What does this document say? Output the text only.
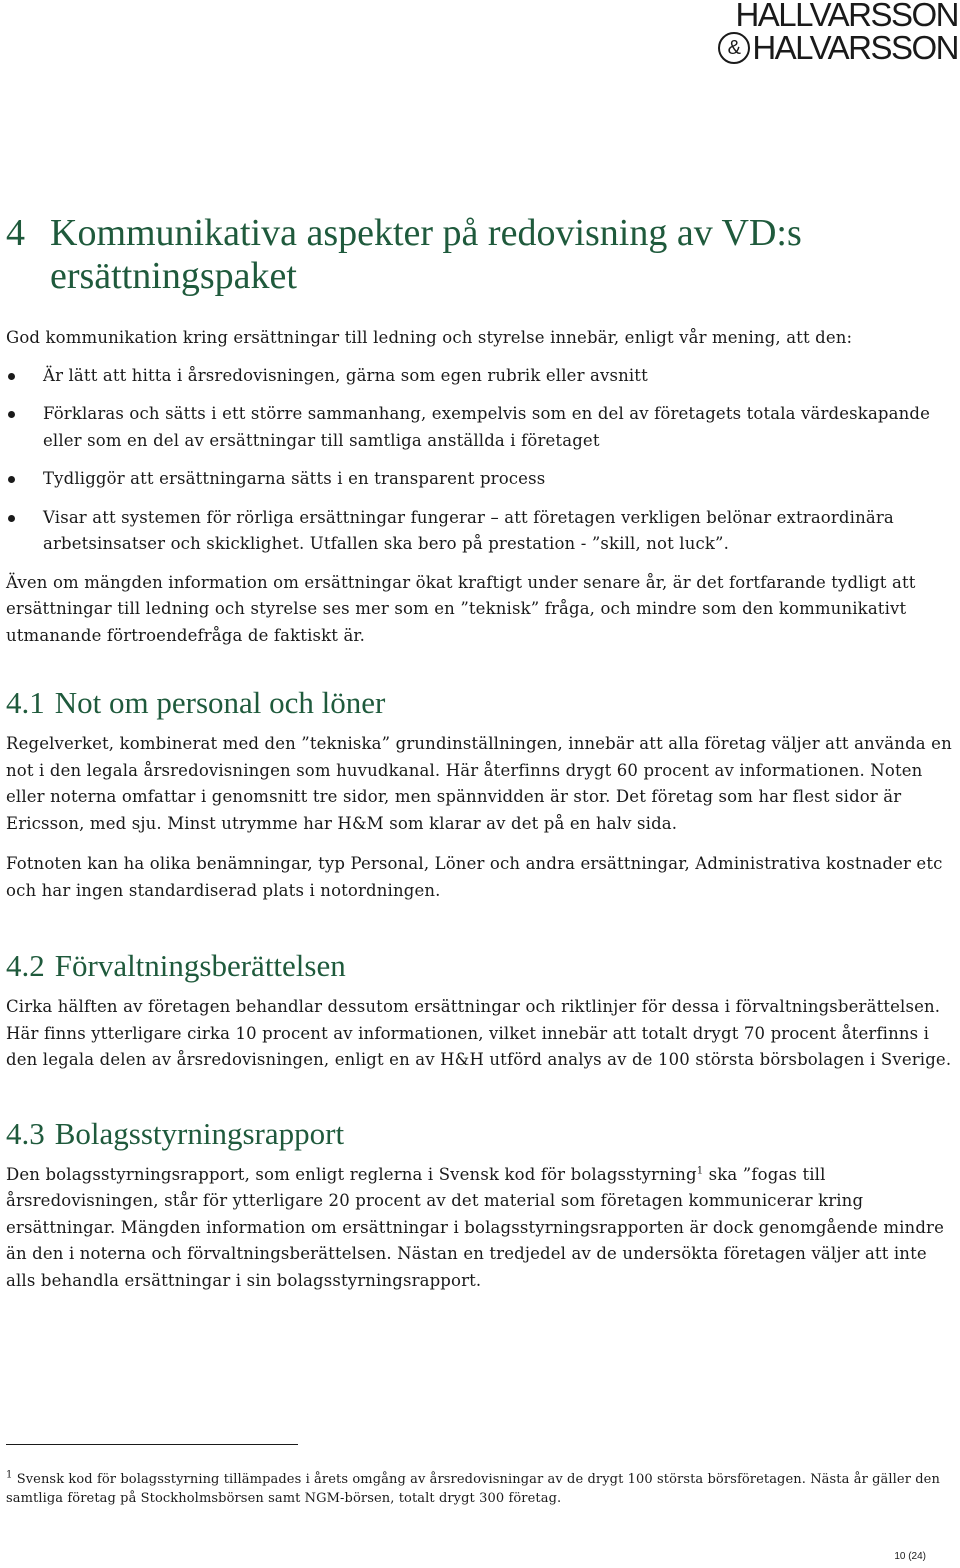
HALLVARSSON
& HALVARSSON
4 Kommunikativa aspekter på redovisning av VD:s ersättningspaket

God kommunikation kring ersättningar till ledning och styrelse innebär, enligt vår mening, att den:

Är lätt att hitta i årsredovisningen, gärna som egen rubrik eller avsnitt
Förklaras och sätts i ett större sammanhang, exempelvis som en del av företagets totala värdeskapande eller som en del av ersättningar till samtliga anställda i företaget
Tydliggör att ersättningarna sätts i en transparent process
Visar att systemen för rörliga ersättningar fungerar – att företagen verkligen belönar extraordinära arbetsinsatser och skicklighet. Utfallen ska bero på prestation - ”skill, not luck”.

Även om mängden information om ersättningar ökat kraftigt under senare år, är det fortfarande tydligt att ersättningar till ledning och styrelse ses mer som en ”teknisk” fråga, och mindre som den kommunikativt utmanande förtroendefråga de faktiskt är.

4.1 Not om personal och löner

Regelverket, kombinerat med den ”tekniska” grundinställningen, innebär att alla företag väljer att använda en not i den legala årsredovisningen som huvudkanal. Här återfinns drygt 60 procent av informationen. Noten eller noterna omfattar i genomsnitt tre sidor, men spännvidden är stor. Det företag som har flest sidor är Ericsson, med sju. Minst utrymme har H&M som klarar av det på en halv sida.

Fotnoten kan ha olika benämningar, typ Personal, Löner och andra ersättningar, Administrativa kostnader etc och har ingen standardiserad plats i notordningen.

4.2 Förvaltningsberättelsen

Cirka hälften av företagen behandlar dessutom ersättningar och riktlinjer för dessa i förvaltningsberättelsen. Här finns ytterligare cirka 10 procent av informationen, vilket innebär att totalt drygt 70 procent återfinns i den legala delen av årsredovisningen, enligt en av H&H utförd analys av de 100 största börsbolagen i Sverige.

4.3 Bolagsstyrningsrapport

Den bolagsstyrningsrapport, som enligt reglerna i Svensk kod för bolagsstyrning$^1$ ska ”fogas till årsredovisningen, står för ytterligare 20 procent av det material som företagen kommunicerar kring ersättningar. Mängden information om ersättningar i bolagsstyrningsrapporten är dock genomgående mindre än den i noterna och förvaltningsberättelsen. Nästan en tredjedel av de undersökta företagen väljer att inte alls behandla ersättningar i sin bolagsstyrningsrapport.

$^1$ Svensk kod för bolagsstyrning tillämpades i årets omgång av årsredovisningar av de drygt 100 största börsföretagen. Nästa år gäller den samtliga företag på Stockholmsbörsen samt NGM-börsen, totalt drygt 300 företag.
10 (24)
